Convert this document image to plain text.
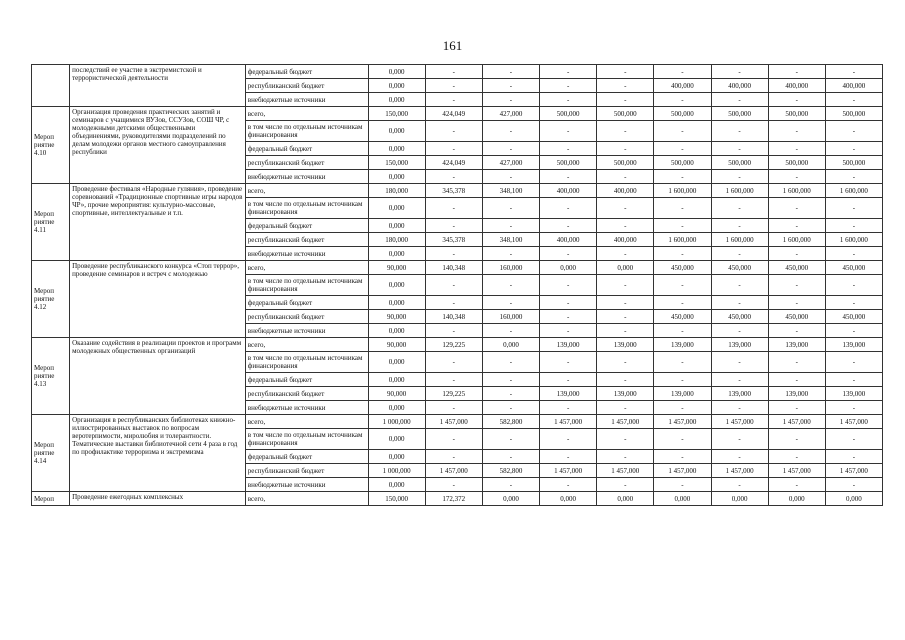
161
	последствий ее участие в экстремистской и террористической деятельности	федеральный бюджет	0,000	-	-	-	-	-	-	-	-
		республиканский бюджет	0,000	-	-	-	-	400,000	400,000	400,000	400,000
		внебюджетные источники	0,000	-	-	-	-	-	-	-	-
Мероп риятие 4.10	Организация проведения практических занятий и семинаров с учащимися ВУЗов, ССУЗов, СОШ ЧР, с молодежными детскими общественными объединениями, руководителями подразделений по делам молодежи органов местного самоуправления республики	всего,	150,000	424,049	427,000	500,000	500,000	500,000	500,000	500,000	500,000
		в том числе по отдельным источникам финансирования	0,000	-	-	-	-	-	-	-	-
		федеральный бюджет	0,000	-	-	-	-	-	-	-	-
		республиканский бюджет	150,000	424,049	427,000	500,000	500,000	500,000	500,000	500,000	500,000
		внебюджетные источники	0,000	-	-	-	-	-	-	-	-
Мероп риятие 4.11	Проведение фестиваля «Народные гуляния», проведение соревнований «Традиционные спортивные игры народов ЧР», прочие мероприятия: культурно-массовые, спортивные, интеллектуальные и т.п.	всего,	180,000	345,378	348,100	400,000	400,000	1 600,000	1 600,000	1 600,000	1 600,000
		в том числе по отдельным источникам финансирования	0,000	-	-	-	-	-	-	-	-
		федеральный бюджет	0,000	-	-	-	-	-	-	-	-
		республиканский бюджет	180,000	345,378	348,100	400,000	400,000	1 600,000	1 600,000	1 600,000	1 600,000
		внебюджетные источники	0,000	-	-	-	-	-	-	-	-
Мероп риятие 4.12	Проведение республиканского конкурса «Стоп террор», проведение семинаров и встреч с молодежью	всего,	90,000	140,348	160,000	0,000	0,000	450,000	450,000	450,000	450,000
		в том числе по отдельным источникам финансирования	0,000	-	-	-	-	-	-	-	-
		федеральный бюджет	0,000	-	-	-	-	-	-	-	-
		республиканский бюджет	90,000	140,348	160,000	-	-	450,000	450,000	450,000	450,000
		внебюджетные источники	0,000	-	-	-	-	-	-	-	-
Мероп риятие 4.13	Оказание содействия в реализации проектов и программ молодежных общественных организаций	всего,	90,000	129,225	0,000	139,000	139,000	139,000	139,000	139,000	139,000
		в том числе по отдельным источникам финансирования	0,000	-	-	-	-	-	-	-	-
		федеральный бюджет	0,000	-	-	-	-	-	-	-	-
		республиканский бюджет	90,000	129,225	-	139,000	139,000	139,000	139,000	139,000	139,000
		внебюджетные источники	0,000	-	-	-	-	-	-	-	-
Мероп риятие 4.14	Организация в республиканских библиотеках книжно-иллюстрированных выставок по вопросам веротерпимости, миролюбия и толерантности. Тематические выставки библиотечной сети 4 раза в год по профилактике терроризма и экстремизма	всего,	1 000,000	1 457,000	582,800	1 457,000	1 457,000	1 457,000	1 457,000	1 457,000	1 457,000
		в том числе по отдельным источникам финансирования	0,000	-	-	-	-	-	-	-	-
		федеральный бюджет	0,000	-	-	-	-	-	-	-	-
		республиканский бюджет	1 000,000	1 457,000	582,800	1 457,000	1 457,000	1 457,000	1 457,000	1 457,000	1 457,000
		внебюджетные источники	0,000	-	-	-	-	-	-	-	-
Мероп	Проведение ежегодных комплексных	всего,	150,000	172,372	0,000	0,000	0,000	0,000	0,000	0,000	0,000
